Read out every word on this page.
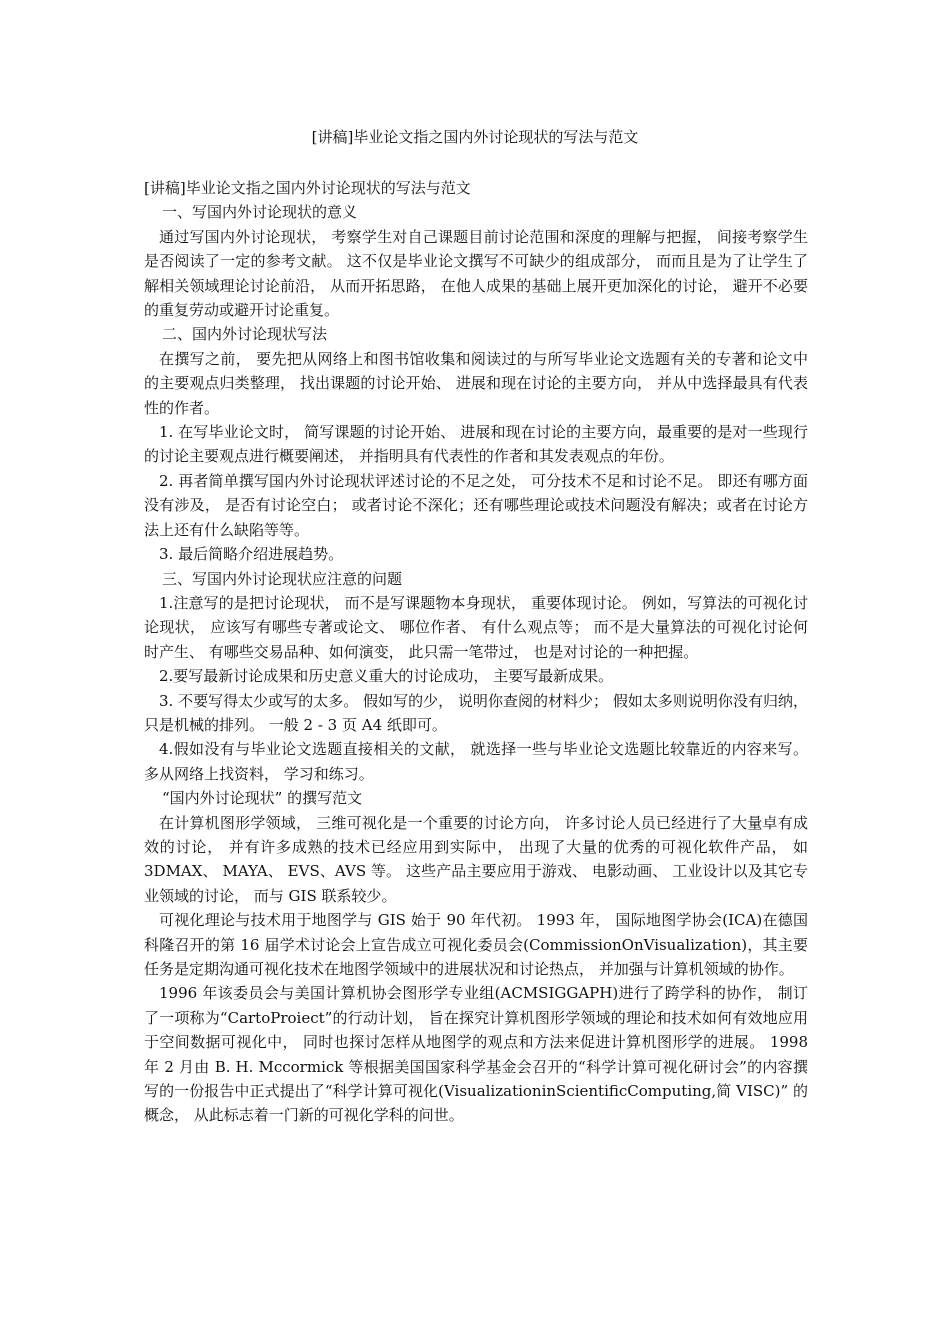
[讲稿]毕业论文指之国内外讨论现状的写法与范文

[讲稿]毕业论文指之国内外讨论现状的写法与范文

一、写国内外讨论现状的意义

通过写国内外讨论现状， 考察学生对自己课题目前讨论范围和深度的理解与把握， 间接考察学生是否阅读了一定的参考文献。 这不仅是毕业论文撰写不可缺少的组成部分， 而而且是为了让学生了解相关领域理论讨论前沿， 从而开拓思路， 在他人成果的基础上展开更加深化的讨论， 避开不必要的重复劳动或避开讨论重复。

二、国内外讨论现状写法

在撰写之前， 要先把从网络上和图书馆收集和阅读过的与所写毕业论文选题有关的专著和论文中的主要观点归类整理， 找出课题的讨论开始、 进展和现在讨论的主要方向， 并从中选择最具有代表性的作者。

1. 在写毕业论文时， 简写课题的讨论开始、 进展和现在讨论的主要方向，最重要的是对一些现行的讨论主要观点进行概要阐述， 并指明具有代表性的作者和其发表观点的年份。

2. 再者简单撰写国内外讨论现状评述讨论的不足之处， 可分技术不足和讨论不足。 即还有哪方面没有涉及， 是否有讨论空白； 或者讨论不深化；还有哪些理论或技术问题没有解决；或者在讨论方法上还有什么缺陷等等。

3. 最后简略介绍进展趋势。

三、写国内外讨论现状应注意的问题

1.注意写的是把讨论现状， 而不是写课题物本身现状， 重要体现讨论。 例如，写算法的可视化讨论现状， 应该写有哪些专著或论文、 哪位作者、 有什么观点等； 而不是大量算法的可视化讨论何时产生、 有哪些交易品种、如何演变， 此只需一笔带过， 也是对讨论的一种把握。

2.要写最新讨论成果和历史意义重大的讨论成功， 主要写最新成果。

3. 不要写得太少或写的太多。 假如写的少， 说明你查阅的材料少； 假如太多则说明你没有归纳， 只是机械的排列。 一般 2 - 3 页 A4 纸即可。

4.假如没有与毕业论文选题直接相关的文献， 就选择一些与毕业论文选题比较靠近的内容来写。 多从网络上找资料， 学习和练习。

“国内外讨论现状” 的撰写范文

在计算机图形学领域， 三维可视化是一个重要的讨论方向， 许多讨论人员已经进行了大量卓有成效的讨论， 并有许多成熟的技术已经应用到实际中， 出现了大量的优秀的可视化软件产品， 如 3DMAX、 MAYA、 EVS、AVS 等。 这些产品主要应用于游戏、 电影动画、 工业设计以及其它专业领域的讨论， 而与 GIS 联系较少。

可视化理论与技术用于地图学与 GIS 始于 90 年代初。 1993 年， 国际地图学协会(ICA)在德国科隆召开的第 16 届学术讨论会上宣告成立可视化委员会(CommissionOnVisualization)，其主要任务是定期沟通可视化技术在地图学领域中的进展状况和讨论热点， 并加强与计算机领域的协作。

1996 年该委员会与美国计算机协会图形学专业组(ACMSIGGAPH)进行了跨学科的协作， 制订了一项称为“CartoProiect”的行动计划， 旨在探究计算机图形学领域的理论和技术如何有效地应用于空间数据可视化中， 同时也探讨怎样从地图学的观点和方法来促进计算机图形学的进展。 1998 年 2 月由 B. H. Mccormick 等根据美国国家科学基金会召开的“科学计算可视化研讨会”的内容撰写的一份报告中正式提出了“科学计算可视化(VisualizationinScientificComputing,简 VISC)” 的概念， 从此标志着一门新的可视化学科的问世。
